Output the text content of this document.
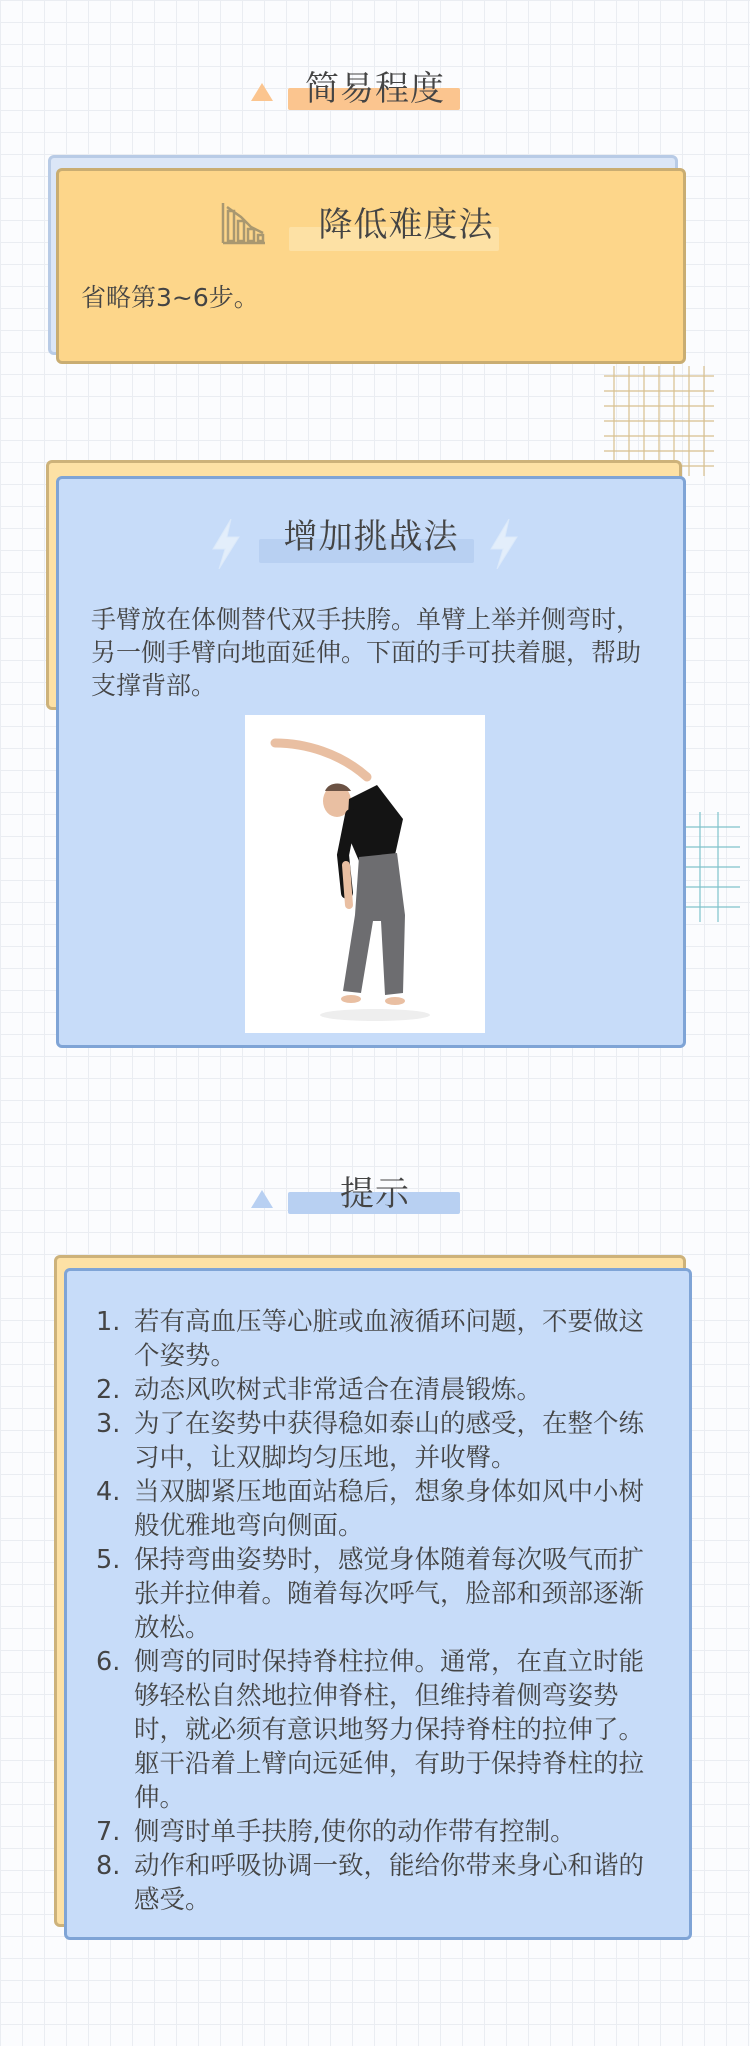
简易程度
降低难度法
省略第3~6步。
增加挑战法
手臂放在体侧替代双手扶胯。单臂上举并侧弯时，另一侧手臂向地面延伸。下面的手可扶着腿，帮助支撑背部。
提示
1. 若有高血压等心脏或血液循环问题，不要做这个姿势。
2. 动态风吹树式非常适合在清晨锻炼。
3. 为了在姿势中获得稳如泰山的感受，在整个练习中，让双脚均匀压地，并收臀。
4. 当双脚紧压地面站稳后，想象身体如风中小树般优雅地弯向侧面。
5. 保持弯曲姿势时，感觉身体随着每次吸气而扩张并拉伸着。随着每次呼气，脸部和颈部逐渐放松。
6. 侧弯的同时保持脊柱拉伸。通常，在直立时能够轻松自然地拉伸脊柱，但维持着侧弯姿势时，就必须有意识地努力保持脊柱的拉伸了。躯干沿着上臂向远延伸，有助于保持脊柱的拉伸。
7. 侧弯时单手扶胯,使你的动作带有控制。
8. 动作和呼吸协调一致，能给你带来身心和谐的感受。
